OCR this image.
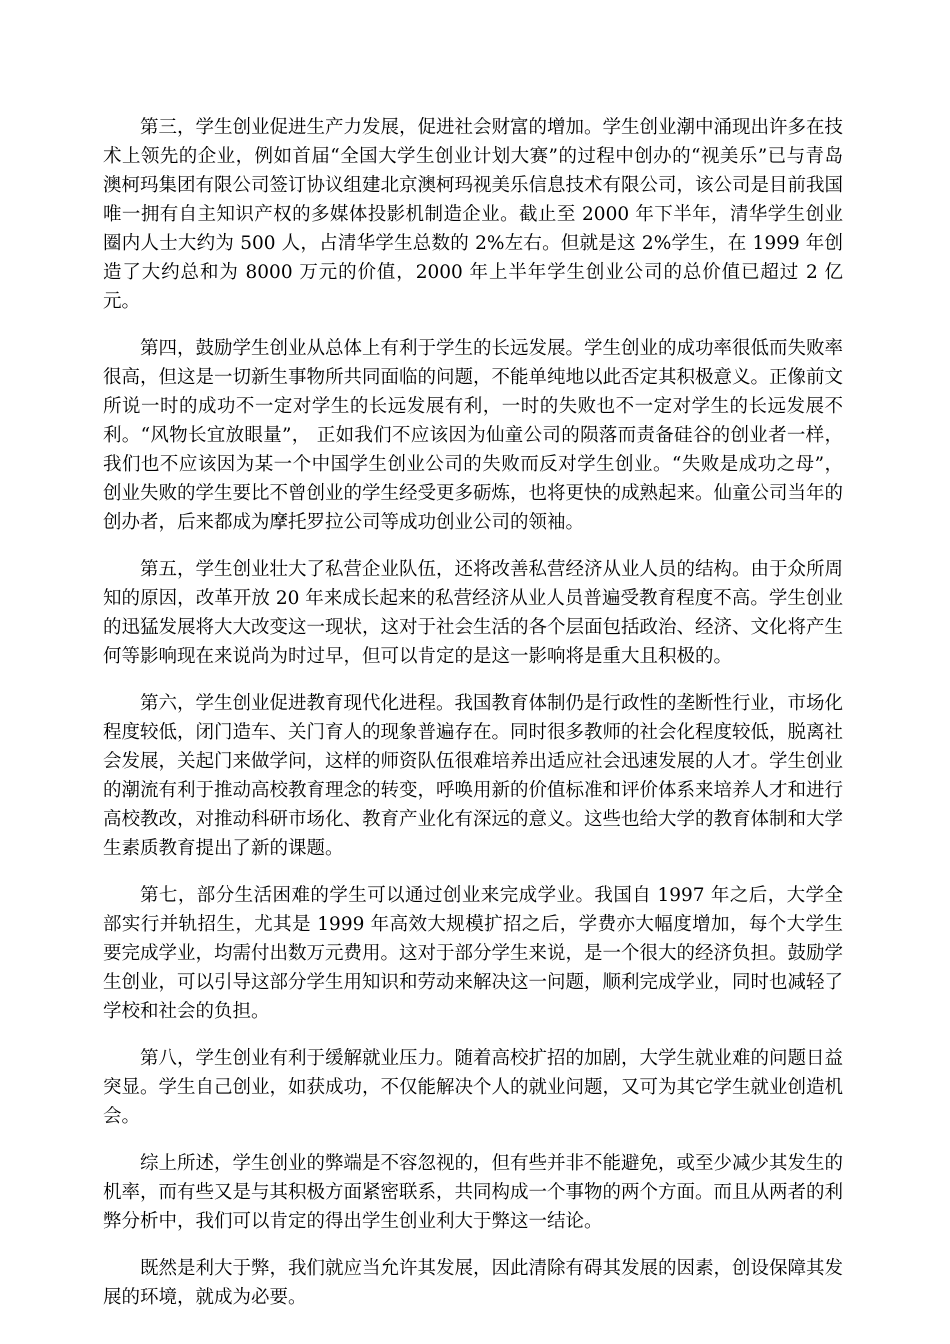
第三，学生创业促进生产力发展，促进社会财富的增加。学生创业潮中涌现出许多在技术上领先的企业，例如首届“全国大学生创业计划大赛”的过程中创办的“视美乐”已与青岛澳柯玛集团有限公司签订协议组建北京澳柯玛视美乐信息技术有限公司，该公司是目前我国唯一拥有自主知识产权的多媒体投影机制造企业。截止至 2000 年下半年，清华学生创业圈内人士大约为 500 人，占清华学生总数的 2%左右。但就是这 2%学生，在 1999 年创造了大约总和为 8000 万元的价值，2000 年上半年学生创业公司的总价值已超过 2 亿元。

第四，鼓励学生创业从总体上有利于学生的长远发展。学生创业的成功率很低而失败率很高，但这是一切新生事物所共同面临的问题，不能单纯地以此否定其积极意义。正像前文所说一时的成功不一定对学生的长远发展有利，一时的失败也不一定对学生的长远发展不利。“风物长宜放眼量”， 正如我们不应该因为仙童公司的陨落而责备硅谷的创业者一样，我们也不应该因为某一个中国学生创业公司的失败而反对学生创业。“失败是成功之母”，创业失败的学生要比不曾创业的学生经受更多砺炼，也将更快的成熟起来。仙童公司当年的创办者，后来都成为摩托罗拉公司等成功创业公司的领袖。

第五，学生创业壮大了私营企业队伍，还将改善私营经济从业人员的结构。由于众所周知的原因，改革开放 20 年来成长起来的私营经济从业人员普遍受教育程度不高。学生创业的迅猛发展将大大改变这一现状，这对于社会生活的各个层面包括政治、经济、文化将产生何等影响现在来说尚为时过早，但可以肯定的是这一影响将是重大且积极的。

第六，学生创业促进教育现代化进程。我国教育体制仍是行政性的垄断性行业，市场化程度较低，闭门造车、关门育人的现象普遍存在。同时很多教师的社会化程度较低，脱离社会发展，关起门来做学问，这样的师资队伍很难培养出适应社会迅速发展的人才。学生创业的潮流有利于推动高校教育理念的转变，呼唤用新的价值标准和评价体系来培养人才和进行高校教改，对推动科研市场化、教育产业化有深远的意义。这些也给大学的教育体制和大学生素质教育提出了新的课题。

第七，部分生活困难的学生可以通过创业来完成学业。我国自 1997 年之后，大学全部实行并轨招生，尤其是 1999 年高效大规模扩招之后，学费亦大幅度增加，每个大学生要完成学业，均需付出数万元费用。这对于部分学生来说，是一个很大的经济负担。鼓励学生创业，可以引导这部分学生用知识和劳动来解决这一问题，顺利完成学业，同时也减轻了学校和社会的负担。

第八，学生创业有利于缓解就业压力。随着高校扩招的加剧，大学生就业难的问题日益突显。学生自己创业，如获成功，不仅能解决个人的就业问题，又可为其它学生就业创造机会。

综上所述，学生创业的弊端是不容忽视的，但有些并非不能避免，或至少减少其发生的机率，而有些又是与其积极方面紧密联系，共同构成一个事物的两个方面。而且从两者的利弊分析中，我们可以肯定的得出学生创业利大于弊这一结论。

既然是利大于弊，我们就应当允许其发展，因此清除有碍其发展的因素，创设保障其发展的环境，就成为必要。
